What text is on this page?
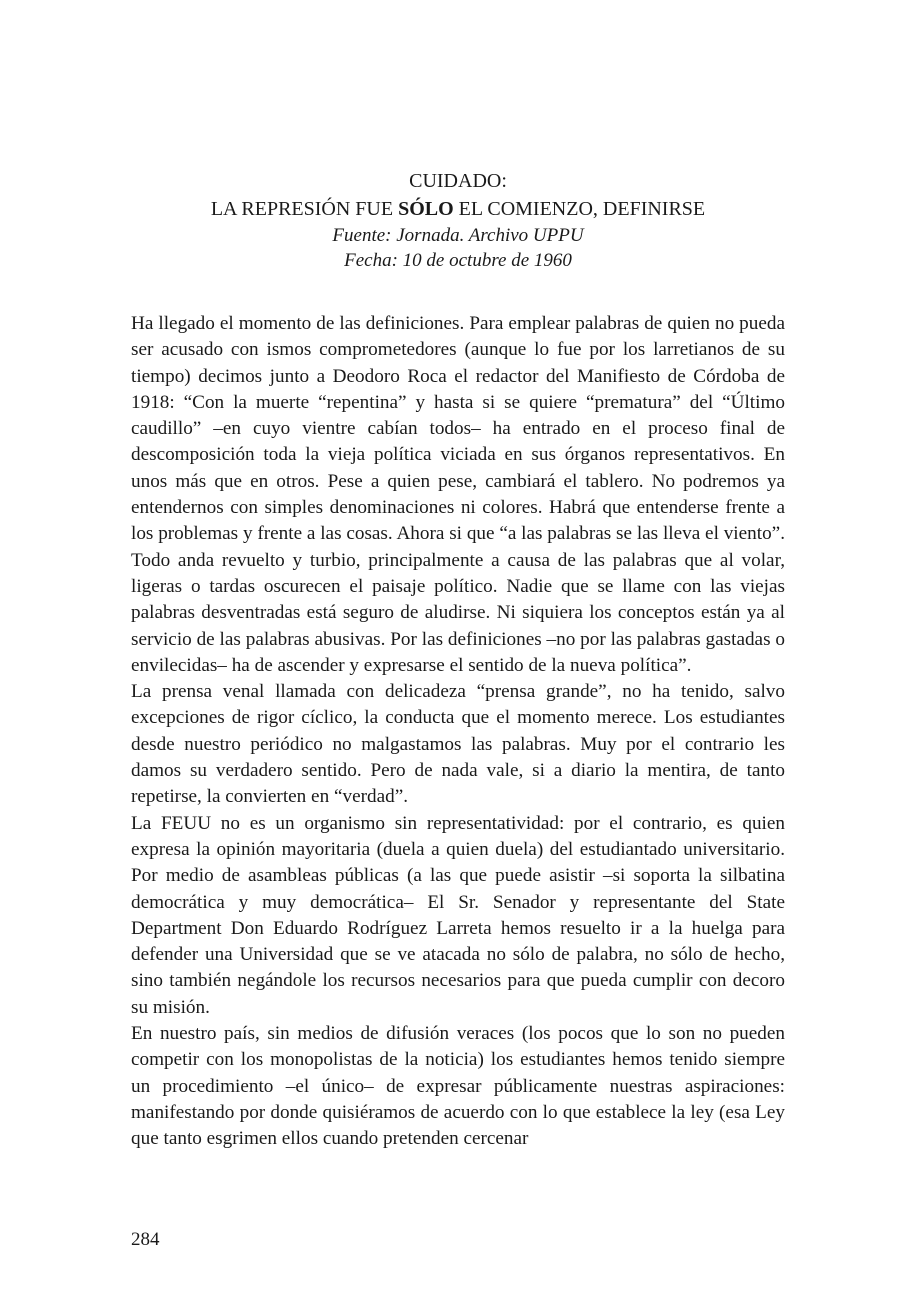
CUIDADO:
LA REPRESIÓN FUE SÓLO EL COMIENZO, DEFINIRSE
Fuente: Jornada. Archivo UPPU
Fecha: 10 de octubre de 1960

Ha llegado el momento de las definiciones. Para emplear palabras de quien no pueda ser acusado con ismos comprometedores (aunque lo fue por los larretianos de su tiempo) decimos junto a Deodoro Roca el redactor del Manifiesto de Córdoba de 1918: “Con la muerte “repentina” y hasta si se quiere “prematura” del “Último caudillo” –en cuyo vientre cabían todos– ha entrado en el proceso final de descomposición toda la vieja política viciada en sus órganos representativos. En unos más que en otros. Pese a quien pese, cambiará el tablero. No podremos ya entendernos con simples denominaciones ni colores. Habrá que entenderse frente a los problemas y frente a las cosas. Ahora si que “a las palabras se las lleva el viento”. Todo anda revuelto y turbio, principalmente a causa de las palabras que al volar, ligeras o tardas oscurecen el paisaje político. Nadie que se llame con las viejas palabras desventradas está seguro de aludirse. Ni siquiera los conceptos están ya al servicio de las palabras abusivas. Por las definiciones –no por las palabras gastadas o envilecidas– ha de ascender y expresarse el sentido de la nueva política”.

La prensa venal llamada con delicadeza “prensa grande”, no ha tenido, salvo excepciones de rigor cíclico, la conducta que el momento merece. Los estudiantes desde nuestro periódico no malgastamos las palabras. Muy por el contrario les damos su verdadero sentido. Pero de nada vale, si a diario la mentira, de tanto repetirse, la convierten en “verdad”.

La FEUU no es un organismo sin representatividad: por el contrario, es quien expresa la opinión mayoritaria (duela a quien duela) del estudiantado universitario. Por medio de asambleas públicas (a las que puede asistir –si soporta la silbatina democrática y muy democrática– El Sr. Senador y representante del State Department Don Eduardo Rodríguez Larreta hemos resuelto ir a la huelga para defender una Universidad que se ve atacada no sólo de palabra, no sólo de hecho, sino también negándole los recursos necesarios para que pueda cumplir con decoro su misión.

En nuestro país, sin medios de difusión veraces (los pocos que lo son no pueden competir con los monopolistas de la noticia) los estudiantes hemos tenido siempre un procedimiento –el único– de expresar públicamente nuestras aspiraciones: manifestando por donde quisiéramos de acuerdo con lo que establece la ley (esa Ley que tanto esgrimen ellos cuando pretenden cercenar

284
